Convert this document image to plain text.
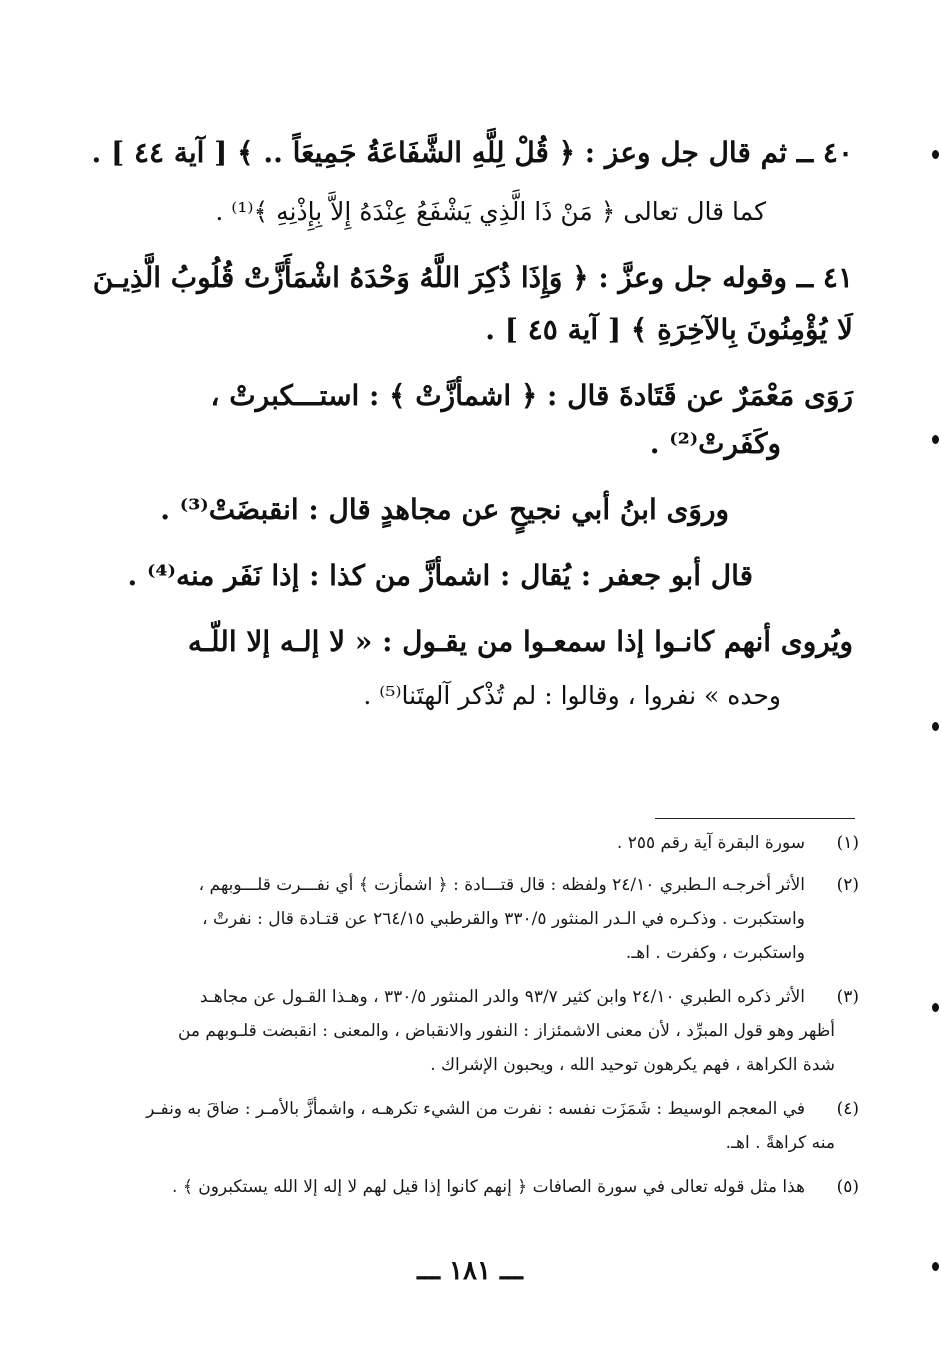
٤٠ ــ ثم قال جل وعز : ﴿ قُلْ لِلَّهِ الشَّفَاعَةُ جَمِيعَاً .. ﴾ [ آية ٤٤ ] .
كما قال تعالى ﴿ مَنْ ذَا الَّذِي يَشْفَعُ عِنْدَهُ إِلاَّ بِإِذْنِهِ ﴾⁽¹⁾ .
٤١ ــ وقوله جل وعزَّ : ﴿ وَإِذَا ذُكِرَ اللَّهُ وَحْدَهُ اشْمَأَزَّتْ قُلُوبُ الَّذِيـنَ
لَا يُؤْمِنُونَ بِالآخِرَةِ ﴾ [ آية ٤٥ ] .
رَوَى مَعْمَرٌ عن قَتَادةَ قال : ﴿ اشمأزَّتْ ﴾ : استـــكبرتْ ،
وكَفَرتْ⁽²⁾ .
وروَى ابنُ أبي نجيحٍ عن مجاهدٍ قال : انقبضَتْ⁽³⁾ .
قال أبو جعفر : يُقال : اشمأزَّ من كذا : إذا نَفَر منه⁽⁴⁾ .
ويُروى أنهم كانـوا إذا سمعـوا من يقـول : « لا إلـه إلا اللّـه
وحده » نفروا ، وقالوا : لم تُذْكر آلهتَنا⁽⁵⁾ .
(١)
سورة البقرة آية رقم ٢٥٥ .
(٢)
الأثر أخرجـه الـطبري ٢٤/١٠ ولفظه : قال قتـــادة : ﴿ اشمأزت ﴾ أي نفـــرت قلـــوبهم ،
واستكبرت . وذكـره في الـدر المنثور ٣٣٠/٥ والقرطبي ٢٦٤/١٥ عن قتـادة قال : نفرتْ ،
واستكبرت ، وكفرت . اهـ.
(٣)
الأثر ذكره الطبري ٢٤/١٠ وابن كثير ٩٣/٧ والدر المنثور ٣٣٠/٥ ، وهـذا القـول عن مجاهـد
أظهر وهو قول المبرِّد ، لأن معنى الاشمئزاز : النفور والانقباض ، والمعنى : انقبضت قلـوبهم من
شدة الكراهة ، فهم يكرهون توحيد الله ، ويحبون الإشراك .
(٤)
في المعجم الوسيط : شَمَزَت نفسه : نفرت من الشيء تكرهـه ، واشمأزَّ بالأمـر : ضاقَ به ونفـر
منه كراهةً . اهـ.
(٥)
هذا مثل قوله تعالى في سورة الصافات ﴿ إنهم كانوا إذا قيل لهم لا إله إلا الله يستكبرون ﴾ .
ـــ ١٨١ ـــ
